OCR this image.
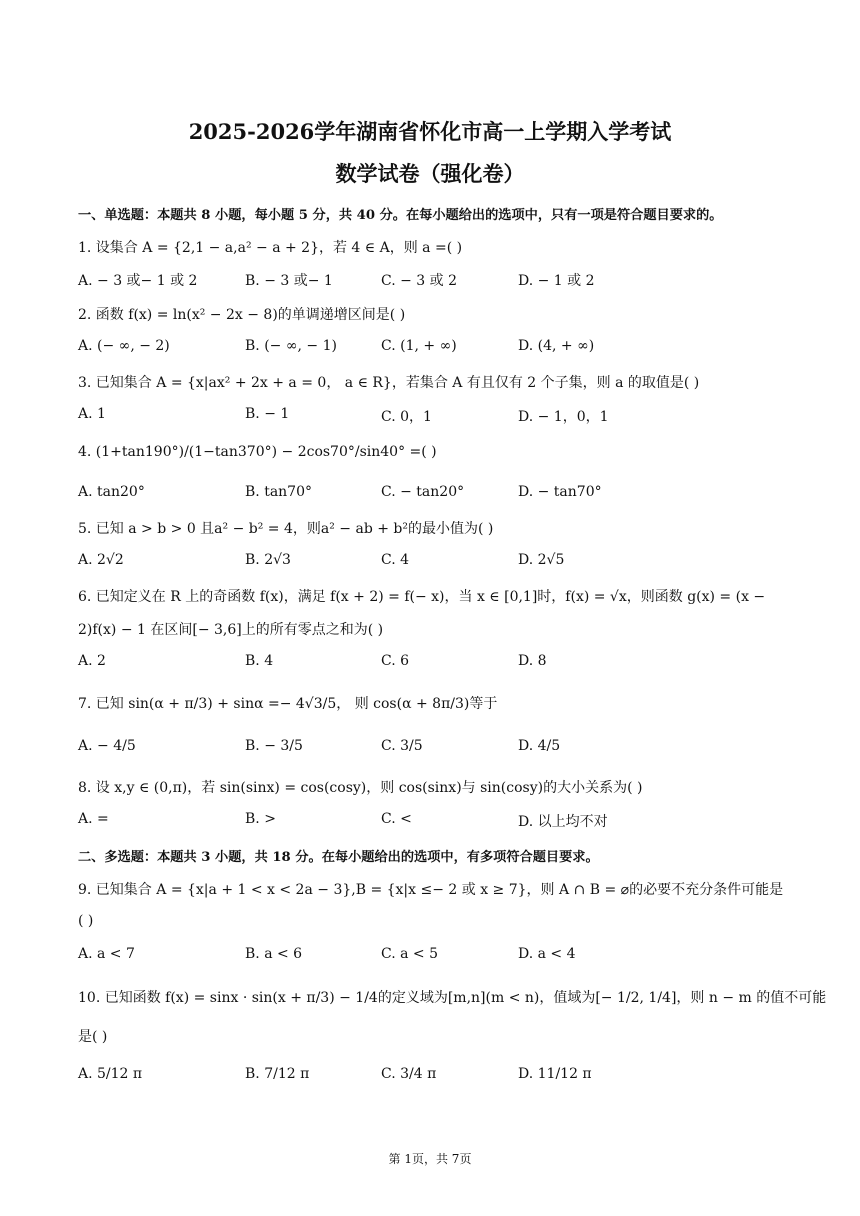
2025-2026学年湖南省怀化市高一上学期入学考试
数学试卷（强化卷）
一、单选题：本题共 8 小题，每小题 5 分，共 40 分。在每小题给出的选项中，只有一项是符合题目要求的。
1. 设集合 A = {2,1 − a,a² − a + 2}，若 4 ∈ A，则 a =( )
A. − 3 或− 1 或 2	B. − 3 或− 1	C. − 3 或 2	D. − 1 或 2
2. 函数 f(x) = ln(x² − 2x − 8)的单调递增区间是( )
A. (− ∞, − 2)	B. (− ∞, − 1)	C. (1, + ∞)	D. (4, + ∞)
3. 已知集合 A = {x|ax² + 2x + a = 0， a ∈ R}，若集合 A 有且仅有 2 个子集，则 a 的取值是( )
A. 1	B. − 1	C. 0，1	D. − 1，0，1
4. (1+tan190°)/(1−tan370°) − 2cos70°/sin40° =( )
A. tan20°	B. tan70°	C. − tan20°	D. − tan70°
5. 已知 a > b > 0 且a² − b² = 4，则a² − ab + b²的最小值为( )
A. 2√2	B. 2√3	C. 4	D. 2√5
6. 已知定义在 R 上的奇函数 f(x)，满足 f(x + 2) = f(− x)，当 x ∈ [0,1]时，f(x) = √x，则函数 g(x) = (x −
2)f(x) − 1 在区间[− 3,6]上的所有零点之和为( )
A. 2	B. 4	C. 6	D. 8
7. 已知 sin(α + π/3) + sinα =− 4√3/5， 则 cos(α + 8π/3)等于
A. − 4/5	B. − 3/5	C. 3/5	D. 4/5
8. 设 x,y ∈ (0,π)，若 sin(sinx) = cos(cosy)，则 cos(sinx)与 sin(cosy)的大小关系为( )
A. =	B. >	C. <	D. 以上均不对
二、多选题：本题共 3 小题，共 18 分。在每小题给出的选项中，有多项符合题目要求。
9. 已知集合 A = {x|a + 1 < x < 2a − 3},B = {x|x ≤− 2 或 x ≥ 7}，则 A ∩ B = ⌀的必要不充分条件可能是
( )
A. a < 7	B. a < 6	C. a < 5	D. a < 4
10. 已知函数 f(x) = sinx · sin(x + π/3) − 1/4的定义域为[m,n](m < n)，值域为[− 1/2, 1/4]，则 n − m 的值不可能
是( )
A. 5/12 π	B. 7/12 π	C. 3/4 π	D. 11/12 π
第 1页，共 7页
